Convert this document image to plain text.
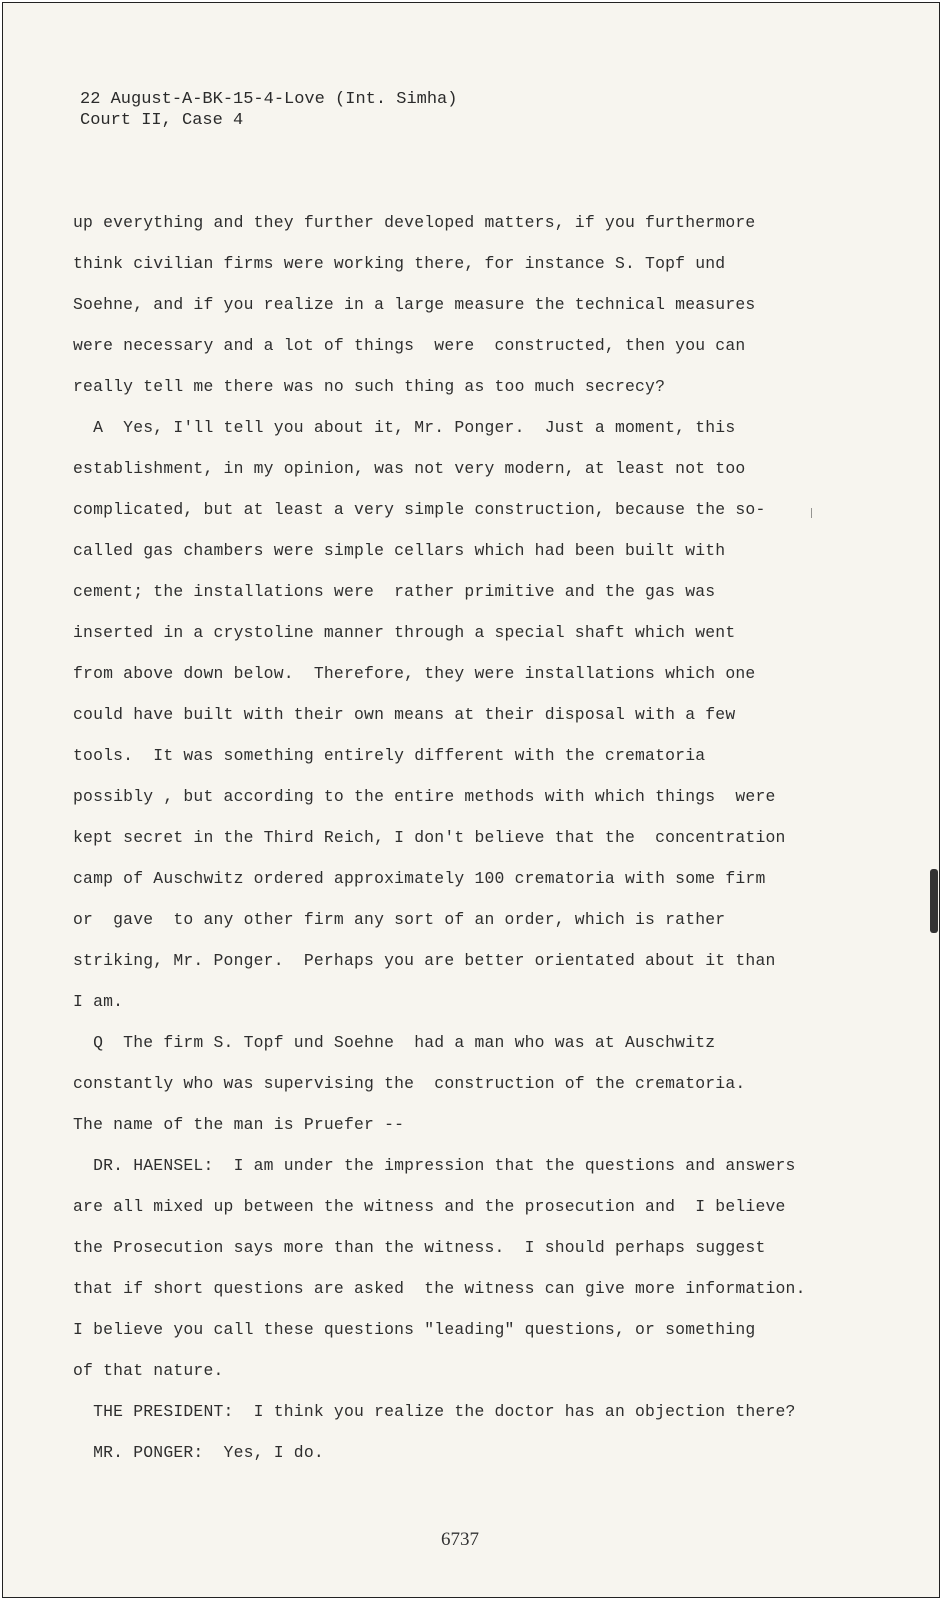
22 August-A-BK-15-4-Love (Int. Simha)
Court II, Case 4
up everything and they further developed matters, if you furthermore
think civilian firms were working there, for instance S. Topf und
Soehne, and if you realize in a large measure the technical measures
were necessary and a lot of things  were  constructed, then you can
really tell me there was no such thing as too much secrecy?
A  Yes, I'll tell you about it, Mr. Ponger.  Just a moment, this
establishment, in my opinion, was not very modern, at least not too
complicated, but at least a very simple construction, because the so-
called gas chambers were simple cellars which had been built with
cement; the installations were  rather primitive and the gas was
inserted in a crystoline manner through a special shaft which went
from above down below.  Therefore, they were installations which one
could have built with their own means at their disposal with a few
tools.  It was something entirely different with the crematoria
possibly , but according to the entire methods with which things  were
kept secret in the Third Reich, I don't believe that the  concentration
camp of Auschwitz ordered approximately 100 crematoria with some firm
or  gave  to any other firm any sort of an order, which is rather
striking, Mr. Ponger.  Perhaps you are better orientated about it than
I am.
Q  The firm S. Topf und Soehne  had a man who was at Auschwitz
constantly who was supervising the  construction of the crematoria.
The name of the man is Pruefer --
DR. HAENSEL:  I am under the impression that the questions and answers
are all mixed up between the witness and the prosecution and  I believe
the Prosecution says more than the witness.  I should perhaps suggest
that if short questions are asked  the witness can give more information.
I believe you call these questions "leading" questions, or something
of that nature.
THE PRESIDENT:  I think you realize the doctor has an objection there?
MR. PONGER:  Yes, I do.
6737
